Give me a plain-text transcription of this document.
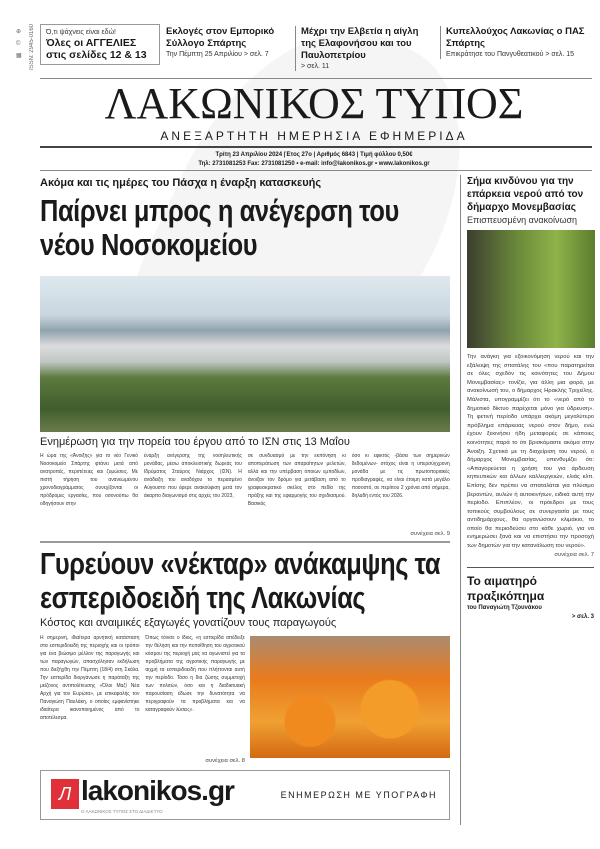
⊕
©
▦	ISSN: 2945-0160 Ό,τι ψάχνεις είναι εδώ!
Όλες οι ΑΓΓΕΛΙΕΣ στις σελίδες 12 & 13
Εκλογές στον Εμπορικό Σύλλογο Σπάρτης
Την Πέμπτη 25 Απριλίου > σελ. 7
Μέχρι την Ελβετία η αίγλη της Ελαφονήσου και του Παυλοπετρίου
> σελ. 11
Κυπελλούχος Λακωνίας ο ΠΑΣ Σπάρτης
Επικράτησε του Πανγυθεατικού > σελ. 15
ΛΑΚΩΝΙΚΟΣ ΤΥΠΟΣ
ΑΝΕΞΑΡΤΗΤΗ ΗΜΕΡΗΣΙΑ ΕΦΗΜΕΡΙΔΑ
Τρίτη 23 Απριλίου 2024 |Έτος 27ο | Αριθμός 6843 | Τιμή φύλλου 0,50€
Τηλ: 2731081253 Fax: 2731081250 • e-mail: info@lakonikos.gr • www.lakonikos.gr
Ακόμα και τις ημέρες του Πάσχα η έναρξη κατασκευής
Παίρνει μπρος η ανέγερση του νέου Νοσοκομείου
Ενημέρωση για την πορεία του έργου από το ΙΣΝ στις 13 Μαΐου
Η ώρα της «Άνοιξης» για το νέο Γενικό Νοσοκομείο Σπάρτης φτάνει μετά από ανατροπές, περιπέτειες και ζυμώσεις. Με πιστή τήρηση του ανανεωμένου χρονοδιαγράμματος συνεχίζονται οι πρόδρομες εργασίες, που οσονούπω θα οδηγήσουν στην
έναρξη ανέγερσης της νοσηλευτικής μονάδας, μέσω αποκλειστικής δωρεάς του Ιδρύματος Σταύρος Νιάρχος (ΙΣΝ). Η ανάδειξη του αναδόχου το περασμένο Αύγουστο που έφερε ανακούφιση μετά τον άκαρπο διαγωνισμό στις αρχές του 2023,
σε συνδυασμό με την εκπόνηση κι αποπεράτωση των απαραίτητων μελετών, αλλά και την υπέρβαση όποιων εμποδίων, άνοιξαν τον δρόμο για μετάβαση από το γραφειοκρατικό σκέλος στο πεδίο της πράξης και της εφαρμογής του σχεδιασμού. Βασικός
όσο κι εφικτός -βάσει των σημερινών δεδομένων- στόχος είναι η υπερσύγχρονη μονάδα με τις πρωτοποριακές προδιαγραφές, να είναι έτοιμη κατά μεγάλο ποσοστό, σε περίπου 2 χρόνια από σήμερα, δηλαδή εντός του 2026.
συνέχεια σελ. 9
Γυρεύουν «νέκταρ» ανάκαμψης τα εσπεριδοειδή της Λακωνίας
Κόστος και αναιμικές εξαγωγές γονατίζουν τους παραγωγούς
Η σημερινή, ιδιαίτερα αρνητική κατάσταση στα εσπεριδοειδή της περιοχής και οι τρόποι για ένα βιώσιμο μέλλον της παραγωγής και των παραγωγών, απασχόλησαν εκδήλωση που διεξήχθη την Πέμπτη (18/4) στη Σκάλα. Την εσπερίδα διοργάνωσε η παράταξη της μείζονος αντιπολίτευσης «Όλοι Μαζί Νέα Αρχή για τον Ευρώτα», με επικεφαλής τον Παναγιώτη Παυλάκη, ο οποίος εμφανίστηκε ιδιαίτερα ικανοποιημένος από το αποτέλεσμα.
Όπως τόνισε ο ίδιος, «η εσπερίδα απέδειξε την θέληση και την πεποίθηση του αγροτικού κόσμου της περιοχή μας να αγωνιστεί για τα προβλήματα της αγροτικής παραγωγής με αιχμή τα εσπεριδοειδή που πλήττονται αυτή την περίοδο. Τόσο η δια ζώσης συμμετοχή των πολιτών, όσο και η διαδικτυακή παρουσίαση έδωσε την δυνατότητα να περιγραφούν τα προβλήματα και να καταγραφούν λύσεις».
συνέχεια σελ. 8
Л lakonikos.gr
Ο ΛΑΚΩΝΙΚΟΣ ΤΥΠΟΣ ΣΤΟ ΔΙΑΔΙΚΤΥΟ
ΕΝΗΜΕΡΩΣΗ ΜΕ ΥΠΟΓΡΑΦΗ
Σήμα κινδύνου για την επάρκεια νερού από τον δήμαρχο Μονεμβασίας
Επισπευσμένη ανακοίνωση
Την ανάγκη για εξοικονόμηση νερού και την εξάλειψη της σπατάλης του «που παρατηρείται σε όλες σχεδόν τις κοινότητες του Δήμου Μονεμβασίας» τονίζει, για άλλη μια φορά, με ανακοίνωσή του, ο δήμαρχος Ηρακλής Τριχείλης. Μάλιστα, υπογραμμίζει ότι το «νερό από το δημοτικό δίκτυο παρέχεται μόνο για ύδρευση». Τη φετινή περίοδο υπάρχει ακόμη μεγαλύτερο πρόβλημα επάρκειας νερού στον δήμο, ενώ έχουν ξεκινήσει ήδη μεταφορές σε κάποιες κοινότητες παρά το ότι βρισκόμαστε ακόμα στην Άνοιξη. Σχετικά με τη διαχείριση του νερού, ο δήμαρχος Μονεμβασίας, υπενθυμίζει ότι: «Απαγορεύεται η χρήση του για άρδευση κηπευτικών και άλλων καλλιεργειών, ελιάς κλπ. Επίσης δεν πρέπει να σπαταλάται για πλύσιμο βεραντών, αυλών ή αυτοκινήτων, ειδικά αυτή την περίοδο. Επιπλέον, οι πρόεδροι με τους τοπικούς συμβούλους σε συνεργασία με τους αντιδημάρχους, θα οργανώσουν κλιμάκιο, το οποίο θα περιοδεύσει στο κάθε χωριό, για να ενημερώσει ξανά και να επιστήσει την προσοχή των δημοτών για την κατανάλωση του νερού».
συνέχεια σελ. 7
Το αιματηρό πραξικόπημα
του Παναγιώτη Τζουνάκου
> σελ. 3
